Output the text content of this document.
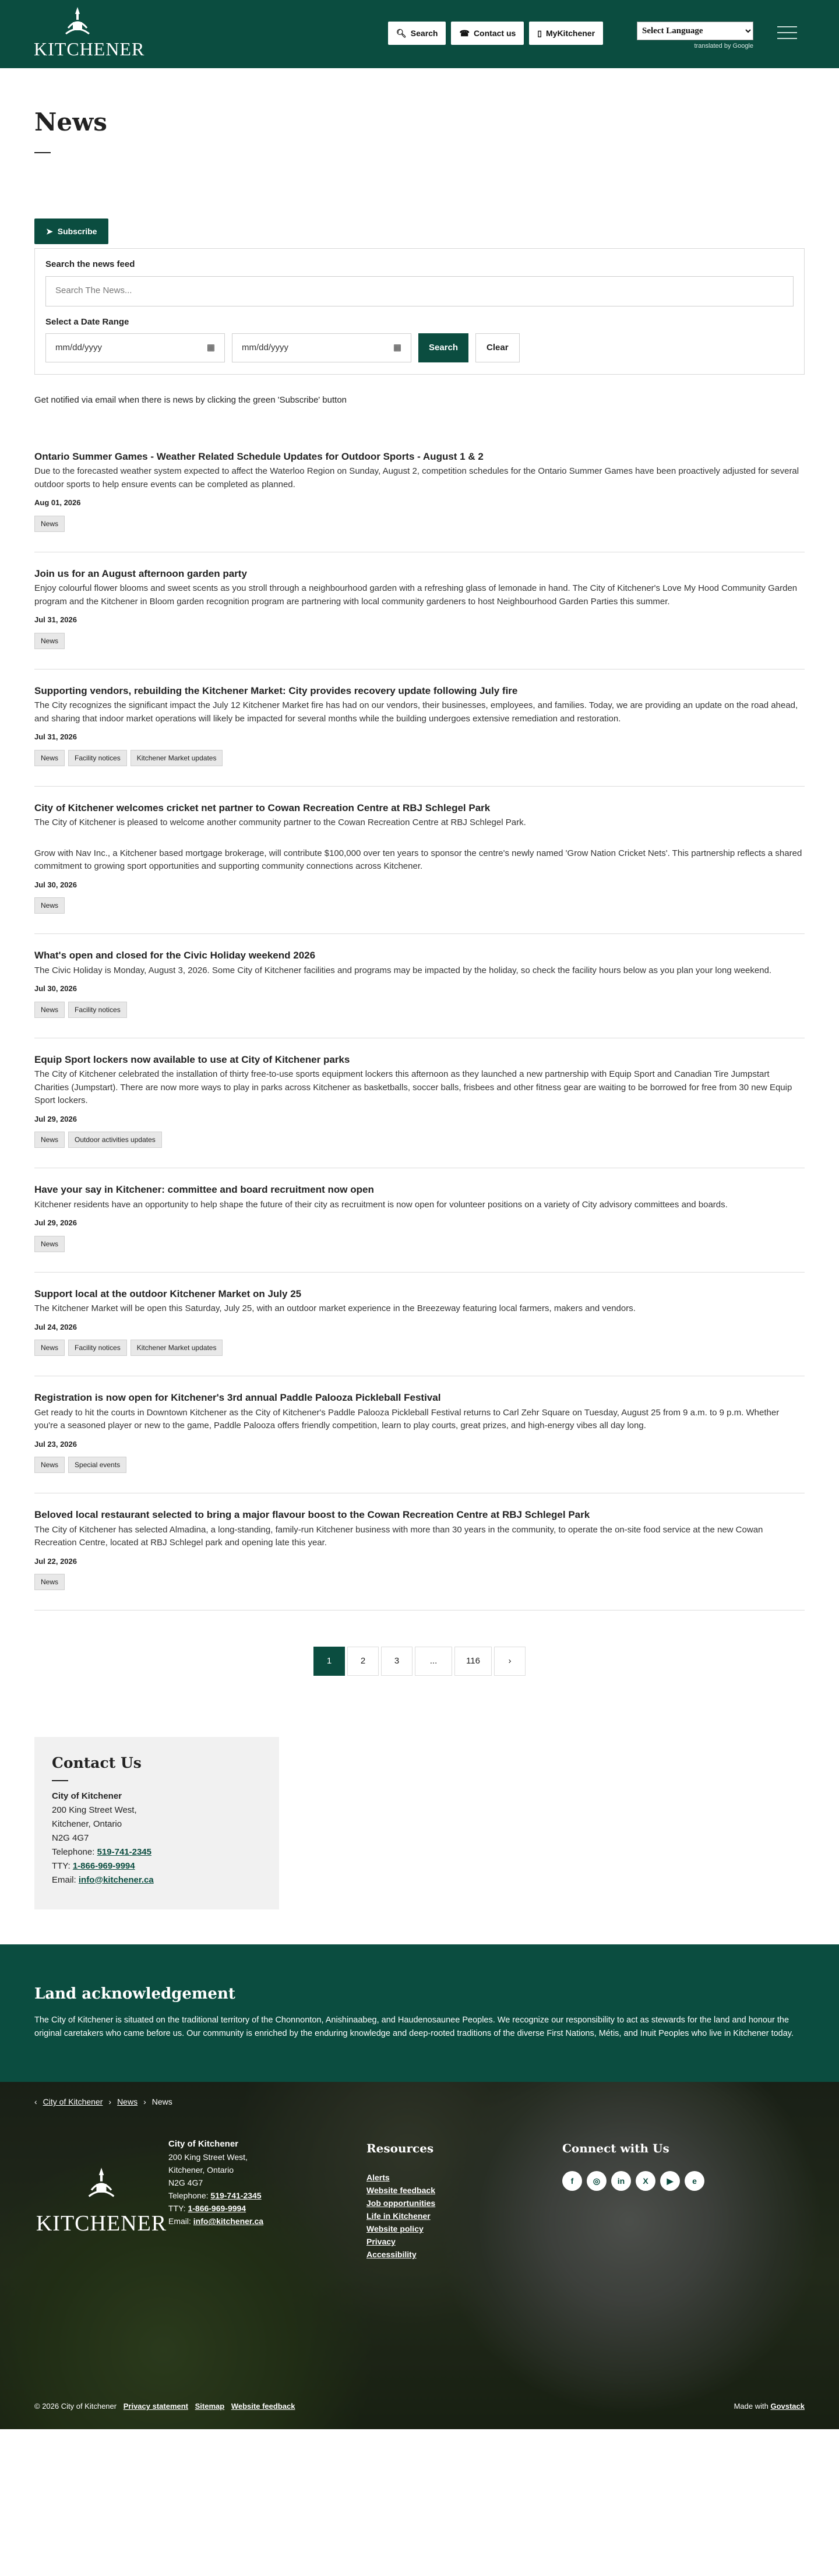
KITCHENER
🔍︎ Search	☎ Contact us	▯ MyKitchener
Select Language
translated by Google
News
➤ Subscribe
Search the news feed
Search The News...
Select a Date Range
mm/dd/yyyy	▦	mm/dd/yyyy	▦	Search	Clear

Get notified via email when there is news by clicking the green 'Subscribe' button

Ontario Summer Games - Weather Related Schedule Updates for Outdoor Sports - August 1 & 2

Due to the forecasted weather system expected to affect the Waterloo Region on Sunday, August 2, competition schedules for the Ontario Summer Games have been proactively adjusted for several outdoor sports to help ensure events can be completed as planned.

Aug 01, 2026
News
Join us for an August afternoon garden party

Enjoy colourful flower blooms and sweet scents as you stroll through a neighbourhood garden with a refreshing glass of lemonade in hand. The City of Kitchener's Love My Hood Community Garden program and the Kitchener in Bloom garden recognition program are partnering with local community gardeners to host Neighbourhood Garden Parties this summer.

Jul 31, 2026
News
Supporting vendors, rebuilding the Kitchener Market: City provides recovery update following July fire

The City recognizes the significant impact the July 12 Kitchener Market fire has had on our vendors, their businesses, employees, and families. Today, we are providing an update on the road ahead, and sharing that indoor market operations will likely be impacted for several months while the building undergoes extensive remediation and restoration.

Jul 31, 2026
News	Facility notices	Kitchener Market updates
City of Kitchener welcomes cricket net partner to Cowan Recreation Centre at RBJ Schlegel Park

The City of Kitchener is pleased to welcome another community partner to the Cowan Recreation Centre at RBJ Schlegel Park.

Grow with Nav Inc., a Kitchener based mortgage brokerage, will contribute $100,000 over ten years to sponsor the centre's newly named 'Grow Nation Cricket Nets'. This partnership reflects a shared commitment to growing sport opportunities and supporting community connections across Kitchener.

Jul 30, 2026
News
What's open and closed for the Civic Holiday weekend 2026

The Civic Holiday is Monday, August 3, 2026. Some City of Kitchener facilities and programs may be impacted by the holiday, so check the facility hours below as you plan your long weekend.

Jul 30, 2026
News	Facility notices
Equip Sport lockers now available to use at City of Kitchener parks

The City of Kitchener celebrated the installation of thirty free-to-use sports equipment lockers this afternoon as they launched a new partnership with Equip Sport and Canadian Tire Jumpstart Charities (Jumpstart). There are now more ways to play in parks across Kitchener as basketballs, soccer balls, frisbees and other fitness gear are waiting to be borrowed for free from 30 new Equip Sport lockers.

Jul 29, 2026
News	Outdoor activities updates
Have your say in Kitchener: committee and board recruitment now open

Kitchener residents have an opportunity to help shape the future of their city as recruitment is now open for volunteer positions on a variety of City advisory committees and boards.

Jul 29, 2026
News
Support local at the outdoor Kitchener Market on July 25

The Kitchener Market will be open this Saturday, July 25, with an outdoor market experience in the Breezeway featuring local farmers, makers and vendors.

Jul 24, 2026
News	Facility notices	Kitchener Market updates
Registration is now open for Kitchener's 3rd annual Paddle Palooza Pickleball Festival

Get ready to hit the courts in Downtown Kitchener as the City of Kitchener's Paddle Palooza Pickleball Festival returns to Carl Zehr Square on Tuesday, August 25 from 9 a.m. to 9 p.m. Whether you're a seasoned player or new to the game, Paddle Palooza offers friendly competition, learn to play courts, great prizes, and high-energy vibes all day long.

Jul 23, 2026
News	Special events
Beloved local restaurant selected to bring a major flavour boost to the Cowan Recreation Centre at RBJ Schlegel Park

The City of Kitchener has selected Almadina, a long-standing, family-run Kitchener business with more than 30 years in the community, to operate the on-site food service at the new Cowan Recreation Centre, located at RBJ Schlegel park and opening late this year.

Jul 22, 2026
News
1	2	3	...	116	›
Contact Us
City of Kitchener
200 King Street West,
Kitchener, Ontario
N2G 4G7
Telephone: 519-741-2345
TTY: 1-866-969-9994
Email: info@kitchener.ca
Land acknowledgement

The City of Kitchener is situated on the traditional territory of the Chonnonton, Anishinaabeg, and Haudenosaunee Peoples. We recognize our responsibility to act as stewards for the land and honour the original caretakers who came before us. Our community is enriched by the enduring knowledge and deep-rooted traditions of the diverse First Nations, Métis, and Inuit Peoples who live in Kitchener today.

‹ City of Kitchener › News › News
KITCHENER
City of Kitchener
200 King Street West,
Kitchener, Ontario
N2G 4G7
Telephone: 519-741-2345
TTY: 1-866-969-9994
Email: info@kitchener.ca
Resources
Alerts
Website feedback
Job opportunities
Life in Kitchener
Website policy
Privacy
Accessibility
Connect with Us
f	◎	in	X	▶	e
© 2026 City of Kitchener Privacy statement Sitemap Website feedback	Made with Govstack
